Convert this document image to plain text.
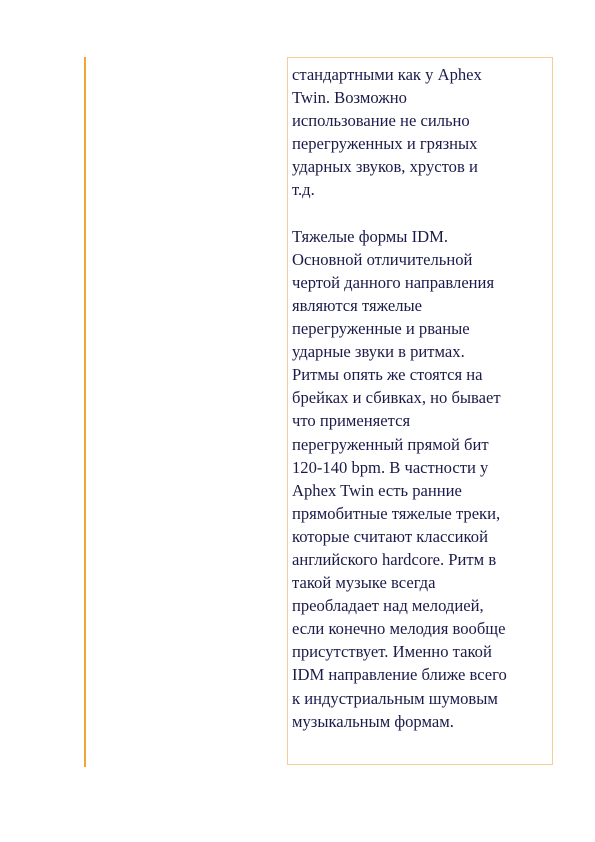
стандартными как у Aphex
Twin. Возможно
использование не сильно
перегруженных и грязных
ударных звуков, хрустов и
т.д.

Тяжелые формы IDM.
Основной отличительной
чертой данного направления
являются тяжелые
перегруженные и рваные
ударные звуки в ритмах.
Ритмы опять же стоятся на
брейках и сбивках, но бывает
что применяется
перегруженный прямой бит
120-140 bpm. В частности у
Aphex Twin есть ранние
прямобитные тяжелые треки,
которые считают классикой
английского hardcore. Ритм в
такой музыке всегда
преобладает над мелодией,
если конечно мелодия вообще
присутствует. Именно такой
IDM направление ближе всего
к индустриальным шумовым
музыкальным формам.
